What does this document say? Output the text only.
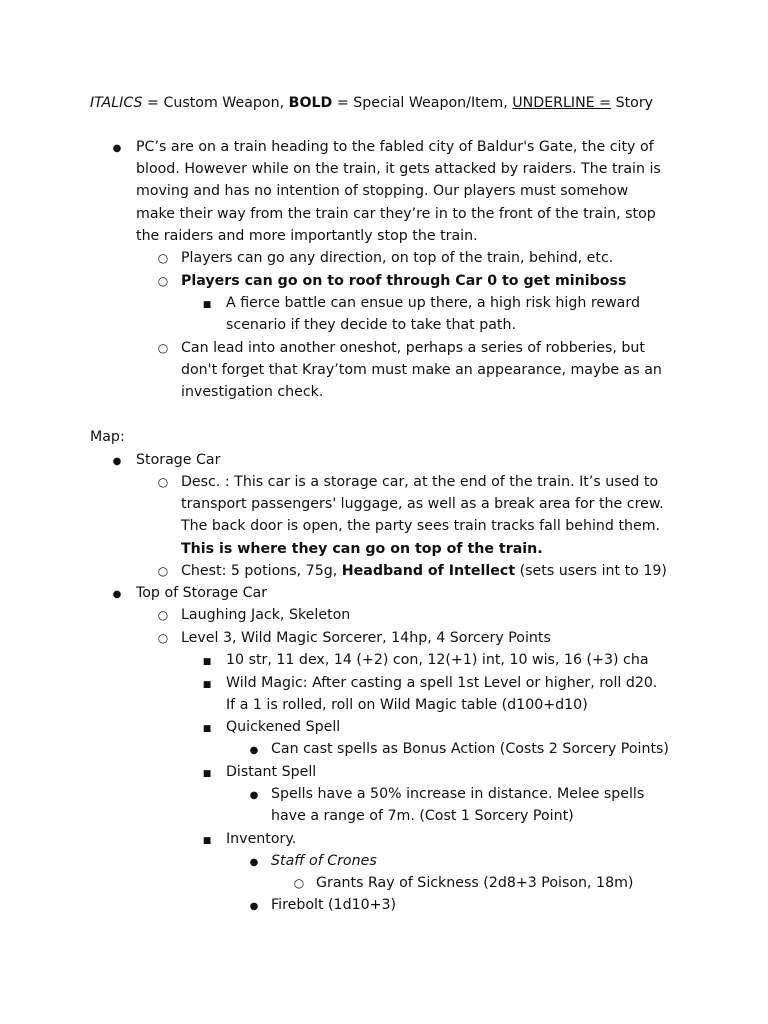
ITALICS = Custom Weapon, BOLD = Special Weapon/Item, UNDERLINE = Story
●
PC’s are on a train heading to the fabled city of Baldur's Gate, the city of
blood. However while on the train, it gets attacked by raiders. The train is
moving and has no intention of stopping. Our players must somehow
make their way from the train car they’re in to the front of the train, stop
the raiders and more importantly stop the train.
○
Players can go any direction, on top of the train, behind, etc.
○
Players can go on to roof through Car 0 to get miniboss
■
A fierce battle can ensue up there, a high risk high reward
scenario if they decide to take that path.
○
Can lead into another oneshot, perhaps a series of robberies, but
don't forget that Kray’tom must make an appearance, maybe as an
investigation check.
Map:
●
Storage Car
○
Desc. : This car is a storage car, at the end of the train. It’s used to
transport passengers' luggage, as well as a break area for the crew.
The back door is open, the party sees train tracks fall behind them.
This is where they can go on top of the train.
○
Chest: 5 potions, 75g, Headband of Intellect (sets users int to 19)
●
Top of Storage Car
○
Laughing Jack, Skeleton
○
Level 3, Wild Magic Sorcerer, 14hp, 4 Sorcery Points
■
10 str, 11 dex, 14 (+2) con, 12(+1) int, 10 wis, 16 (+3) cha
■
Wild Magic: After casting a spell 1st Level or higher, roll d20.
If a 1 is rolled, roll on Wild Magic table (d100+d10)
■
Quickened Spell
●
Can cast spells as Bonus Action (Costs 2 Sorcery Points)
■
Distant Spell
●
Spells have a 50% increase in distance. Melee spells
have a range of 7m. (Cost 1 Sorcery Point)
■
Inventory.
●
Staff of Crones
○
Grants Ray of Sickness (2d8+3 Poison, 18m)
●
Firebolt (1d10+3)
